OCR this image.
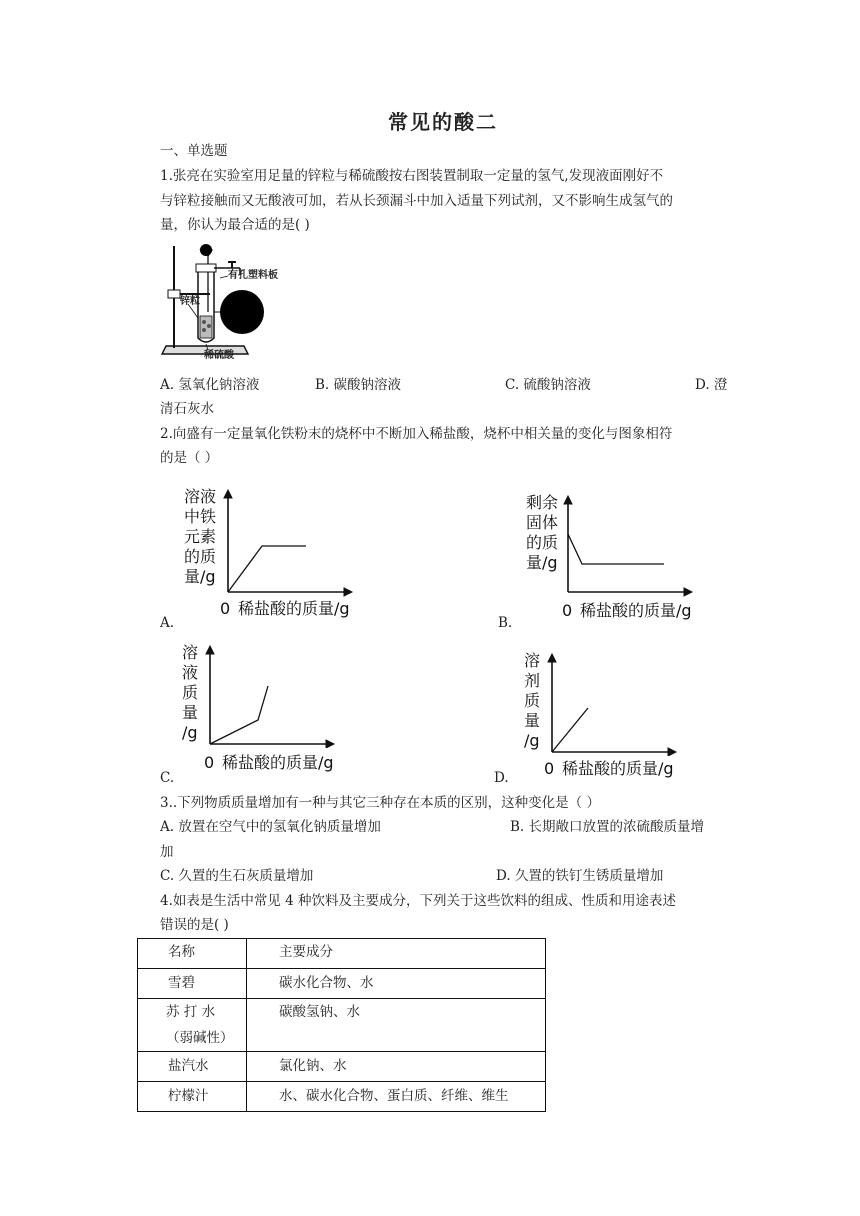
常见的酸二
一、单选题
1.张亮在实验室用足量的锌粒与稀硫酸按右图装置制取一定量的氢气,发现液面刚好不
与锌粒接触而又无酸液可加，若从长颈漏斗中加入适量下列试剂，又不影响生成氢气的
量，你认为最合适的是( )
有孔塑料板
锌粒
稀硫酸
A. 氢氧化钠溶液	B. 碳酸钠溶液	C. 硫酸钠溶液	D. 澄
清石灰水
2.向盛有一定量氧化铁粉末的烧杯中不断加入稀盐酸，烧杯中相关量的变化与图象相符
的是（ ）
溶液
中铁
元素
的质
量/g
0 稀盐酸的质量/g
A.
剩余
固体
的质
量/g
0 稀盐酸的质量/g
B.
溶
液
质
量
/g
0 稀盐酸的质量/g
C.
溶
剂
质
量
/g
0 稀盐酸的质量/g
D.
3..下列物质质量增加有一种与其它三种存在本质的区别，这种变化是（ ）
A. 放置在空气中的氢氧化钠质量增加	B. 长期敞口放置的浓硫酸质量增
加
C. 久置的生石灰质量增加	D. 久置的铁钉生锈质量增加
4.如表是生活中常见 4 种饮料及主要成分，下列关于这些饮料的组成、性质和用途表述
错误的是( )
名称	主要成分
雪碧	碳水化合物、水
苏 打 水
（弱碱性）	碳酸氢钠、水
盐汽水	氯化钠、水
柠檬汁	水、碳水化合物、蛋白质、纤维、维生
